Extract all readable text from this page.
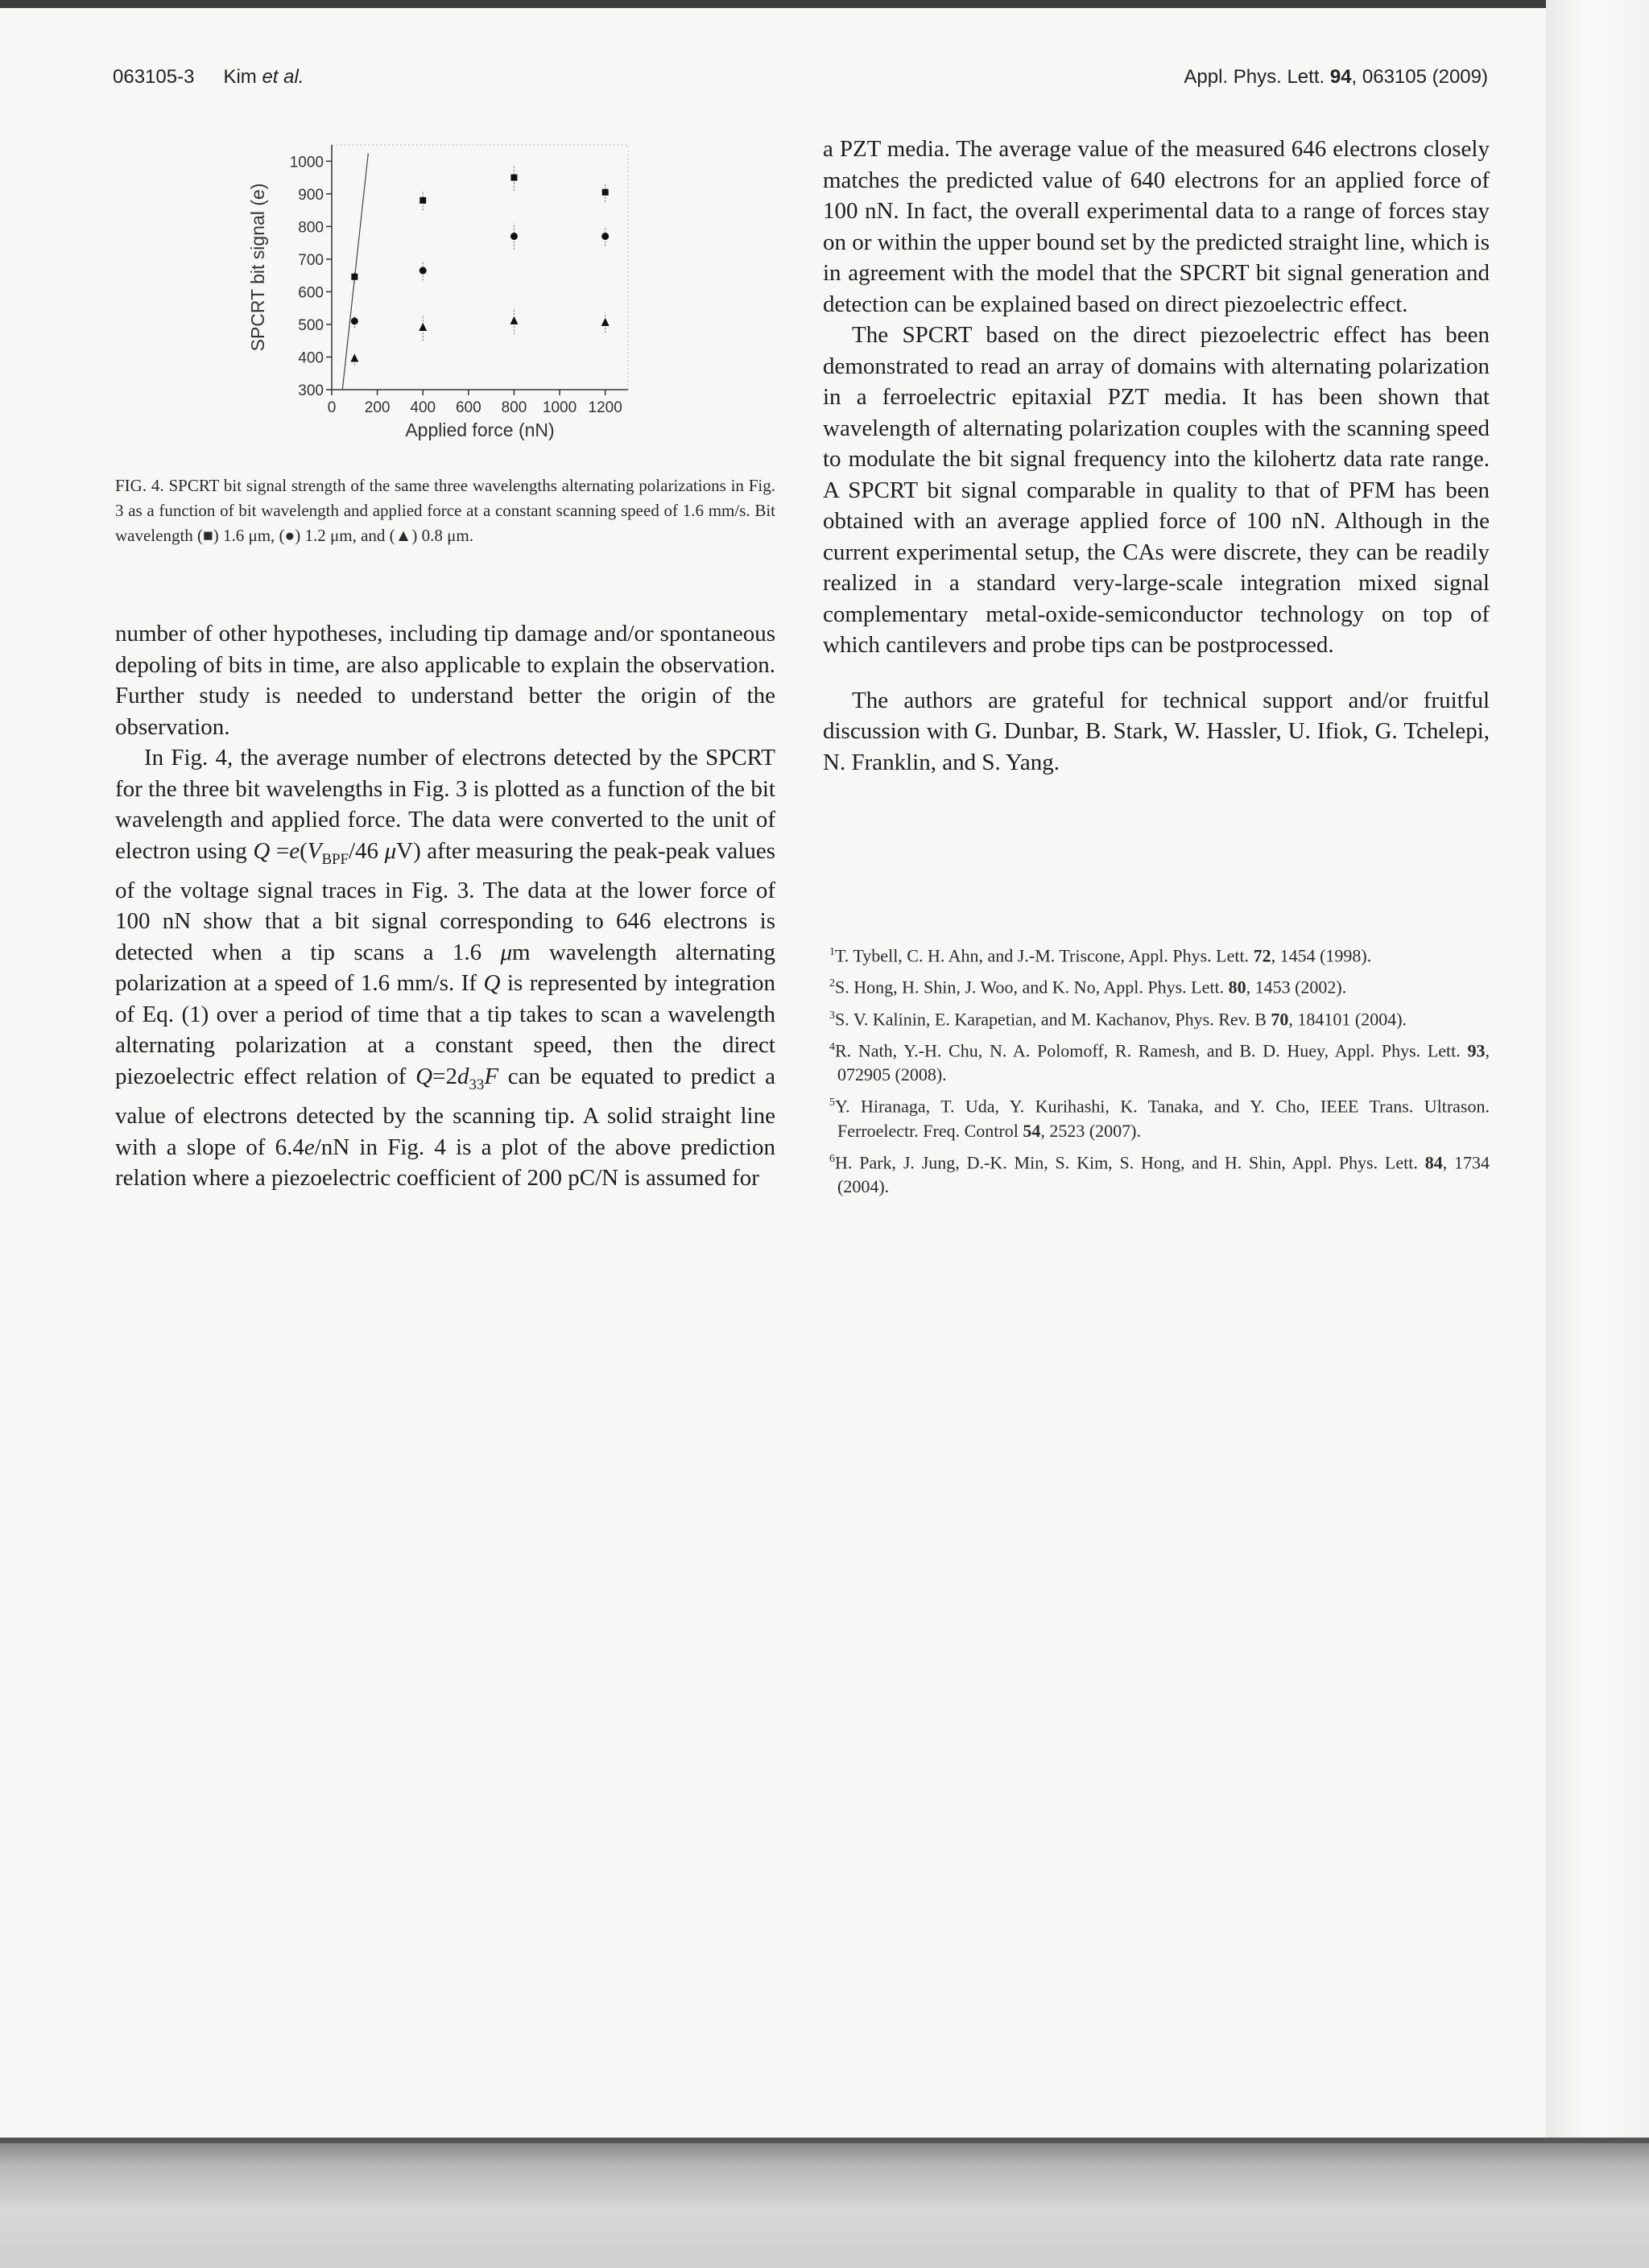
063105-3 Kim et al.	Appl. Phys. Lett. 94, 063105 (2009)
300
400
500
600
700
800
900
1000
0 200 400 600 800 1000 1200
Applied force (nN)
SPCRT bit signal (e)
FIG. 4. SPCRT bit signal strength of the same three wavelengths alternating polarizations in Fig. 3 as a function of bit wavelength and applied force at a constant scanning speed of 1.6 mm/s. Bit wavelength (■) 1.6 μm, (●) 1.2 μm, and (▲) 0.8 μm.

number of other hypotheses, including tip damage and/or spontaneous depoling of bits in time, are also applicable to explain the observation. Further study is needed to understand better the origin of the observation.

In Fig. 4, the average number of electrons detected by the SPCRT for the three bit wavelengths in Fig. 3 is plotted as a function of the bit wavelength and applied force. The data were converted to the unit of electron using $Q =e(V_{BPF}/46$ μV) after measuring the peak-peak values of the voltage signal traces in Fig. 3. The data at the lower force of 100 nN show that a bit signal corresponding to 646 electrons is detected when a tip scans a 1.6 μm wavelength alternating polarization at a speed of 1.6 mm/s. If Q is represented by integration of Eq. (1) over a period of time that a tip takes to scan a wavelength alternating polarization at a constant speed, then the direct piezoelectric effect relation of $Q=2d_{33}F$ can be equated to predict a value of electrons detected by the scanning tip. A solid straight line with a slope of 6.4e/nN in Fig. 4 is a plot of the above prediction relation where a piezoelectric coefficient of 200 pC/N is assumed for

a PZT media. The average value of the measured 646 electrons closely matches the predicted value of 640 electrons for an applied force of 100 nN. In fact, the overall experimental data to a range of forces stay on or within the upper bound set by the predicted straight line, which is in agreement with the model that the SPCRT bit signal generation and detection can be explained based on direct piezoelectric effect.

The SPCRT based on the direct piezoelectric effect has been demonstrated to read an array of domains with alternating polarization in a ferroelectric epitaxial PZT media. It has been shown that wavelength of alternating polarization couples with the scanning speed to modulate the bit signal frequency into the kilohertz data rate range. A SPCRT bit signal comparable in quality to that of PFM has been obtained with an average applied force of 100 nN. Although in the current experimental setup, the CAs were discrete, they can be readily realized in a standard very-large-scale integration mixed signal complementary metal-oxide-semiconductor technology on top of which cantilevers and probe tips can be postprocessed.

The authors are grateful for technical support and/or fruitful discussion with G. Dunbar, B. Stark, W. Hassler, U. Ifiok, G. Tchelepi, N. Franklin, and S. Yang.

$^1$T. Tybell, C. H. Ahn, and J.-M. Triscone, Appl. Phys. Lett. 72, 1454 (1998).

$^2$S. Hong, H. Shin, J. Woo, and K. No, Appl. Phys. Lett. 80, 1453 (2002).

$^3$S. V. Kalinin, E. Karapetian, and M. Kachanov, Phys. Rev. B 70, 184101 (2004).

$^4$R. Nath, Y.-H. Chu, N. A. Polomoff, R. Ramesh, and B. D. Huey, Appl. Phys. Lett. 93, 072905 (2008).

$^5$Y. Hiranaga, T. Uda, Y. Kurihashi, K. Tanaka, and Y. Cho, IEEE Trans. Ultrason. Ferroelectr. Freq. Control 54, 2523 (2007).

$^6$H. Park, J. Jung, D.-K. Min, S. Kim, S. Hong, and H. Shin, Appl. Phys. Lett. 84, 1734 (2004).
